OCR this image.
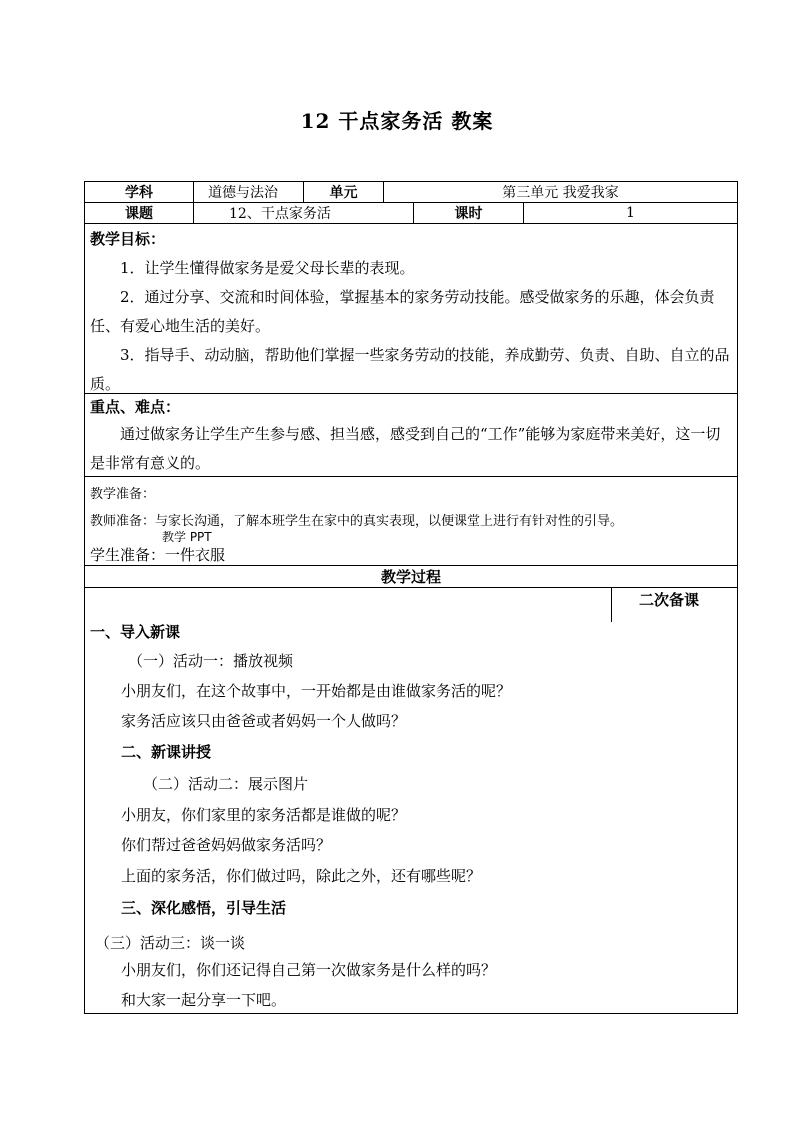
12 干点家务活 教案
学科	道德与法治	单元	第三单元 我爱我家
课题	12、干点家务活	课时	1
教学目标：
1．让学生懂得做家务是爱父母长辈的表现。
2．通过分享、交流和时间体验，掌握基本的家务劳动技能。感受做家务的乐趣，体会负责任、有爱心地生活的美好。
3．指导手、动动脑，帮助他们掌握一些家务劳动的技能，养成勤劳、负责、自助、自立的品质。
重点、难点：
通过做家务让学生产生参与感、担当感，感受到自己的“工作”能够为家庭带来美好，这一切是非常有意义的。
教学准备：
教师准备：与家长沟通，了解本班学生在家中的真实表现，以便课堂上进行有针对性的引导。
教学 PPT
学生准备：一件衣服
教学过程
二次备课
一、导入新课
（一）活动一：播放视频
小朋友们，在这个故事中，一开始都是由谁做家务活的呢？
家务活应该只由爸爸或者妈妈一个人做吗？
二、新课讲授
（二）活动二：展示图片
小朋友，你们家里的家务活都是谁做的呢？
你们帮过爸爸妈妈做家务活吗？
上面的家务活，你们做过吗，除此之外，还有哪些呢？
三、深化感悟，引导生活
（三）活动三：谈一谈
小朋友们，你们还记得自己第一次做家务是什么样的吗？
和大家一起分享一下吧。
